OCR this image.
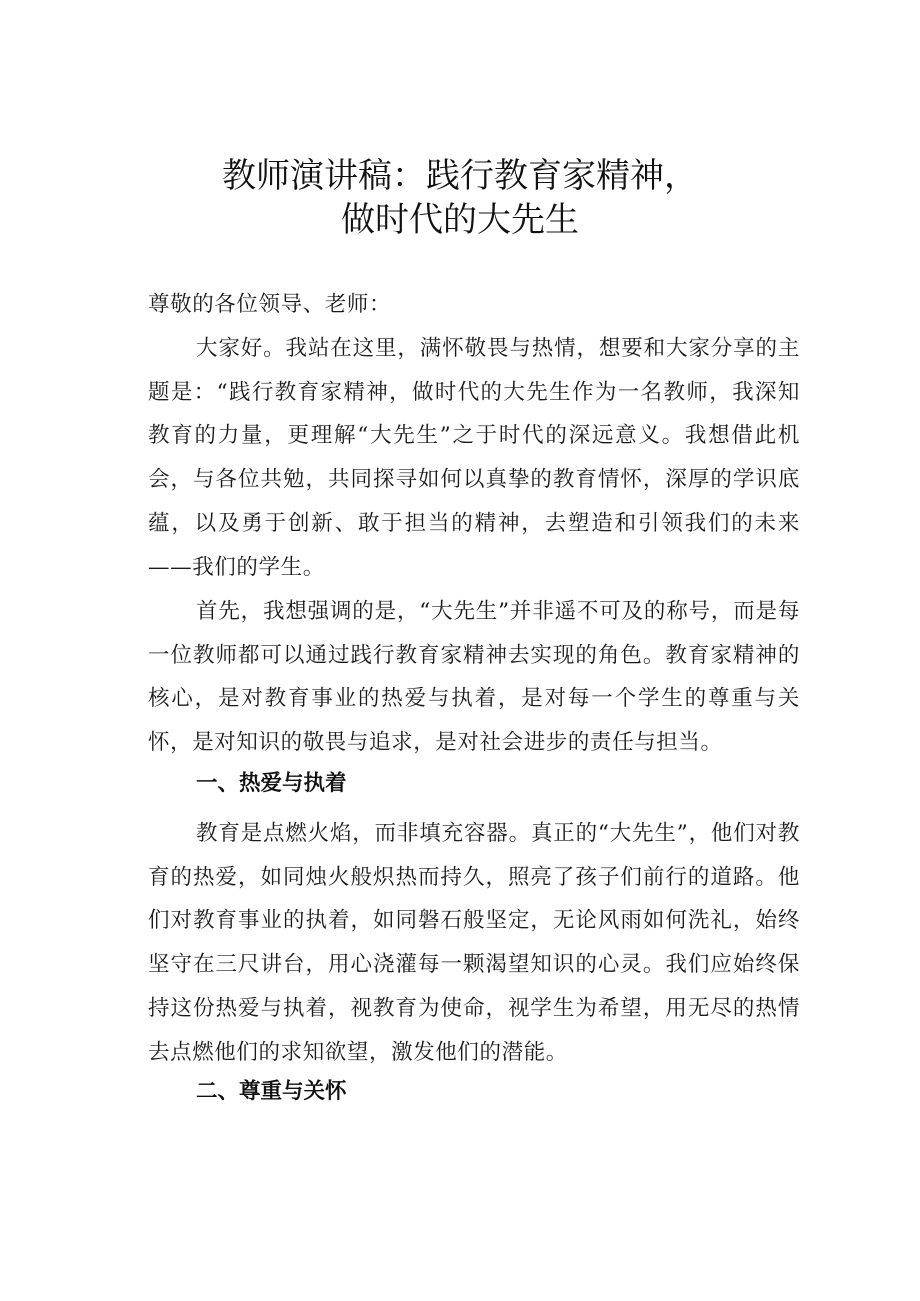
教师演讲稿：践行教育家精神，
做时代的大先生

尊敬的各位领导、老师：

大家好。我站在这里，满怀敬畏与热情，想要和大家分享的主题是：“践行教育家精神，做时代的大先生作为一名教师，我深知教育的力量，更理解“大先生”之于时代的深远意义。我想借此机会，与各位共勉，共同探寻如何以真挚的教育情怀，深厚的学识底蕴，以及勇于创新、敢于担当的精神，去塑造和引领我们的未来——我们的学生。

首先，我想强调的是，“大先生”并非遥不可及的称号，而是每一位教师都可以通过践行教育家精神去实现的角色。教育家精神的核心，是对教育事业的热爱与执着，是对每一个学生的尊重与关怀，是对知识的敬畏与追求，是对社会进步的责任与担当。

一、热爱与执着

教育是点燃火焰，而非填充容器。真正的“大先生”，他们对教育的热爱，如同烛火般炽热而持久，照亮了孩子们前行的道路。他们对教育事业的执着，如同磐石般坚定，无论风雨如何洗礼，始终坚守在三尺讲台，用心浇灌每一颗渴望知识的心灵。我们应始终保持这份热爱与执着，视教育为使命，视学生为希望，用无尽的热情去点燃他们的求知欲望，激发他们的潜能。

二、尊重与关怀
